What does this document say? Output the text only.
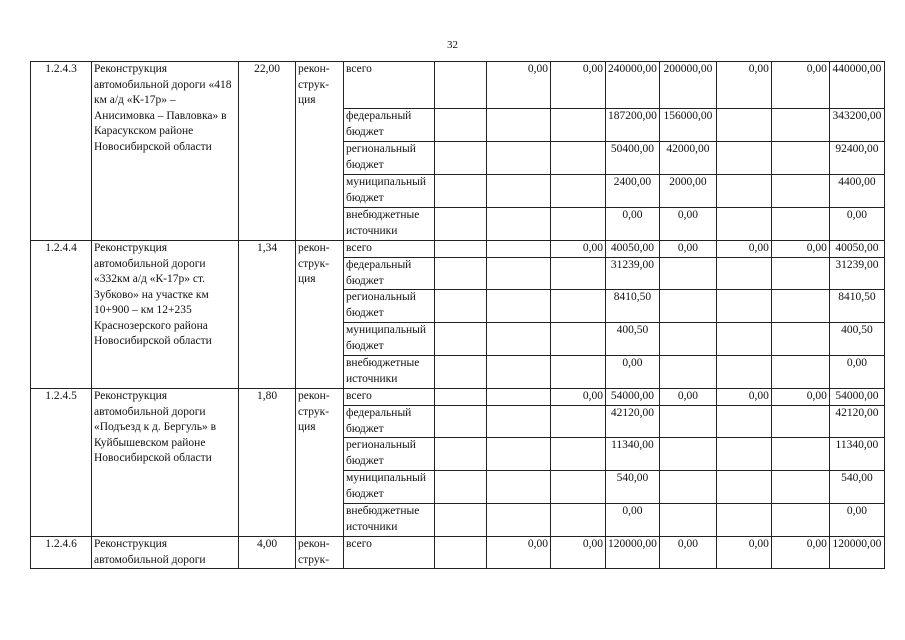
32
1.2.4.3	Реконструкция автомобильной дороги «418 км а/д «К-17р» – Анисимовка – Павловка» в Карасукском районе Новосибирской области	22,00	рекон-струк-ция	всего		0,00	0,00	240000,00	200000,00	0,00	0,00	440000,00
				федеральный бюджет				187200,00	156000,00			343200,00
				региональный бюджет				50400,00	42000,00			92400,00
				муниципальный бюджет				2400,00	2000,00			4400,00
				внебюджетные источники				0,00	0,00			0,00
1.2.4.4	Реконструкция автомобильной дороги «332км а/д «К-17р» ст. Зубково» на участке км 10+900 – км 12+235 Краснозерского района Новосибирской области	1,34	рекон-струк-ция	всего			0,00	40050,00	0,00	0,00	0,00	40050,00
				федеральный бюджет				31239,00				31239,00
				региональный бюджет				8410,50				8410,50
				муниципальный бюджет				400,50				400,50
				внебюджетные источники				0,00				0,00
1.2.4.5	Реконструкция автомобильной дороги «Подъезд к д. Бергуль» в Куйбышевском районе Новосибирской области	1,80	рекон-струк-ция	всего			0,00	54000,00	0,00	0,00	0,00	54000,00
				федеральный бюджет				42120,00				42120,00
				региональный бюджет				11340,00				11340,00
				муниципальный бюджет				540,00				540,00
				внебюджетные источники				0,00				0,00
1.2.4.6	Реконструкция автомобильной дороги	4,00	рекон-струк-	всего		0,00	0,00	120000,00	0,00	0,00	0,00	120000,00
